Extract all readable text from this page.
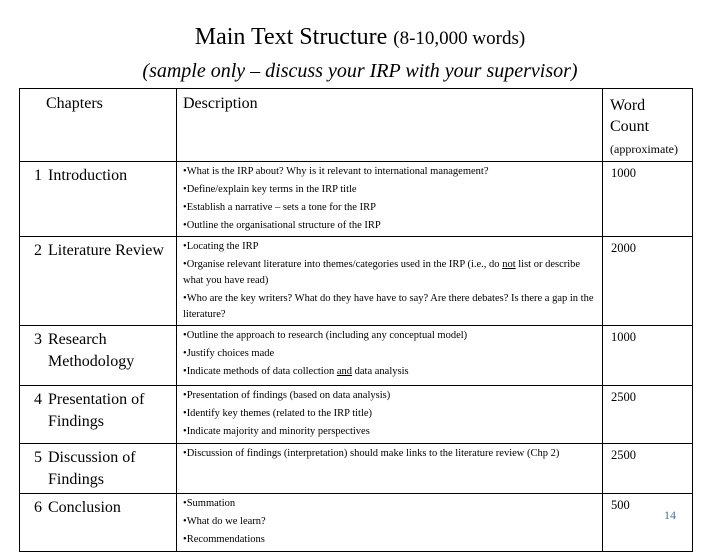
Main Text Structure (8-10,000 words)
(sample only – discuss your IRP with your supervisor)
Chapters	Description	Word
Count
(approximate)

1 Introduction	• What is the IRP about? Why is it relevant to international management?
• Define/explain key terms in the IRP title
• Establish a narrative – sets a tone for the IRP
• Outline the organisational structure of the IRP	1000

2 Literature Review	• Locating the IRP
• Organise relevant literature into themes/categories used in the IRP (i.e., do not list or describe what you have read)
• Who are the key writers? What do they have have to say? Are there debates? Is there a gap in the literature?	2000

3 Research Methodology	• Outline the approach to research (including any conceptual model)
• Justify choices made
• Indicate methods of data collection and data analysis	1000

4 Presentation of Findings	• Presentation of findings (based on data analysis)
• Identify key themes (related to the IRP title)
• Indicate majority and minority perspectives	2500

5 Discussion of Findings	• Discussion of findings (interpretation) should make links to the literature review (Chp 2)	2500

6 Conclusion	• Summation
• What do we learn?
• Recommendations	500
14
